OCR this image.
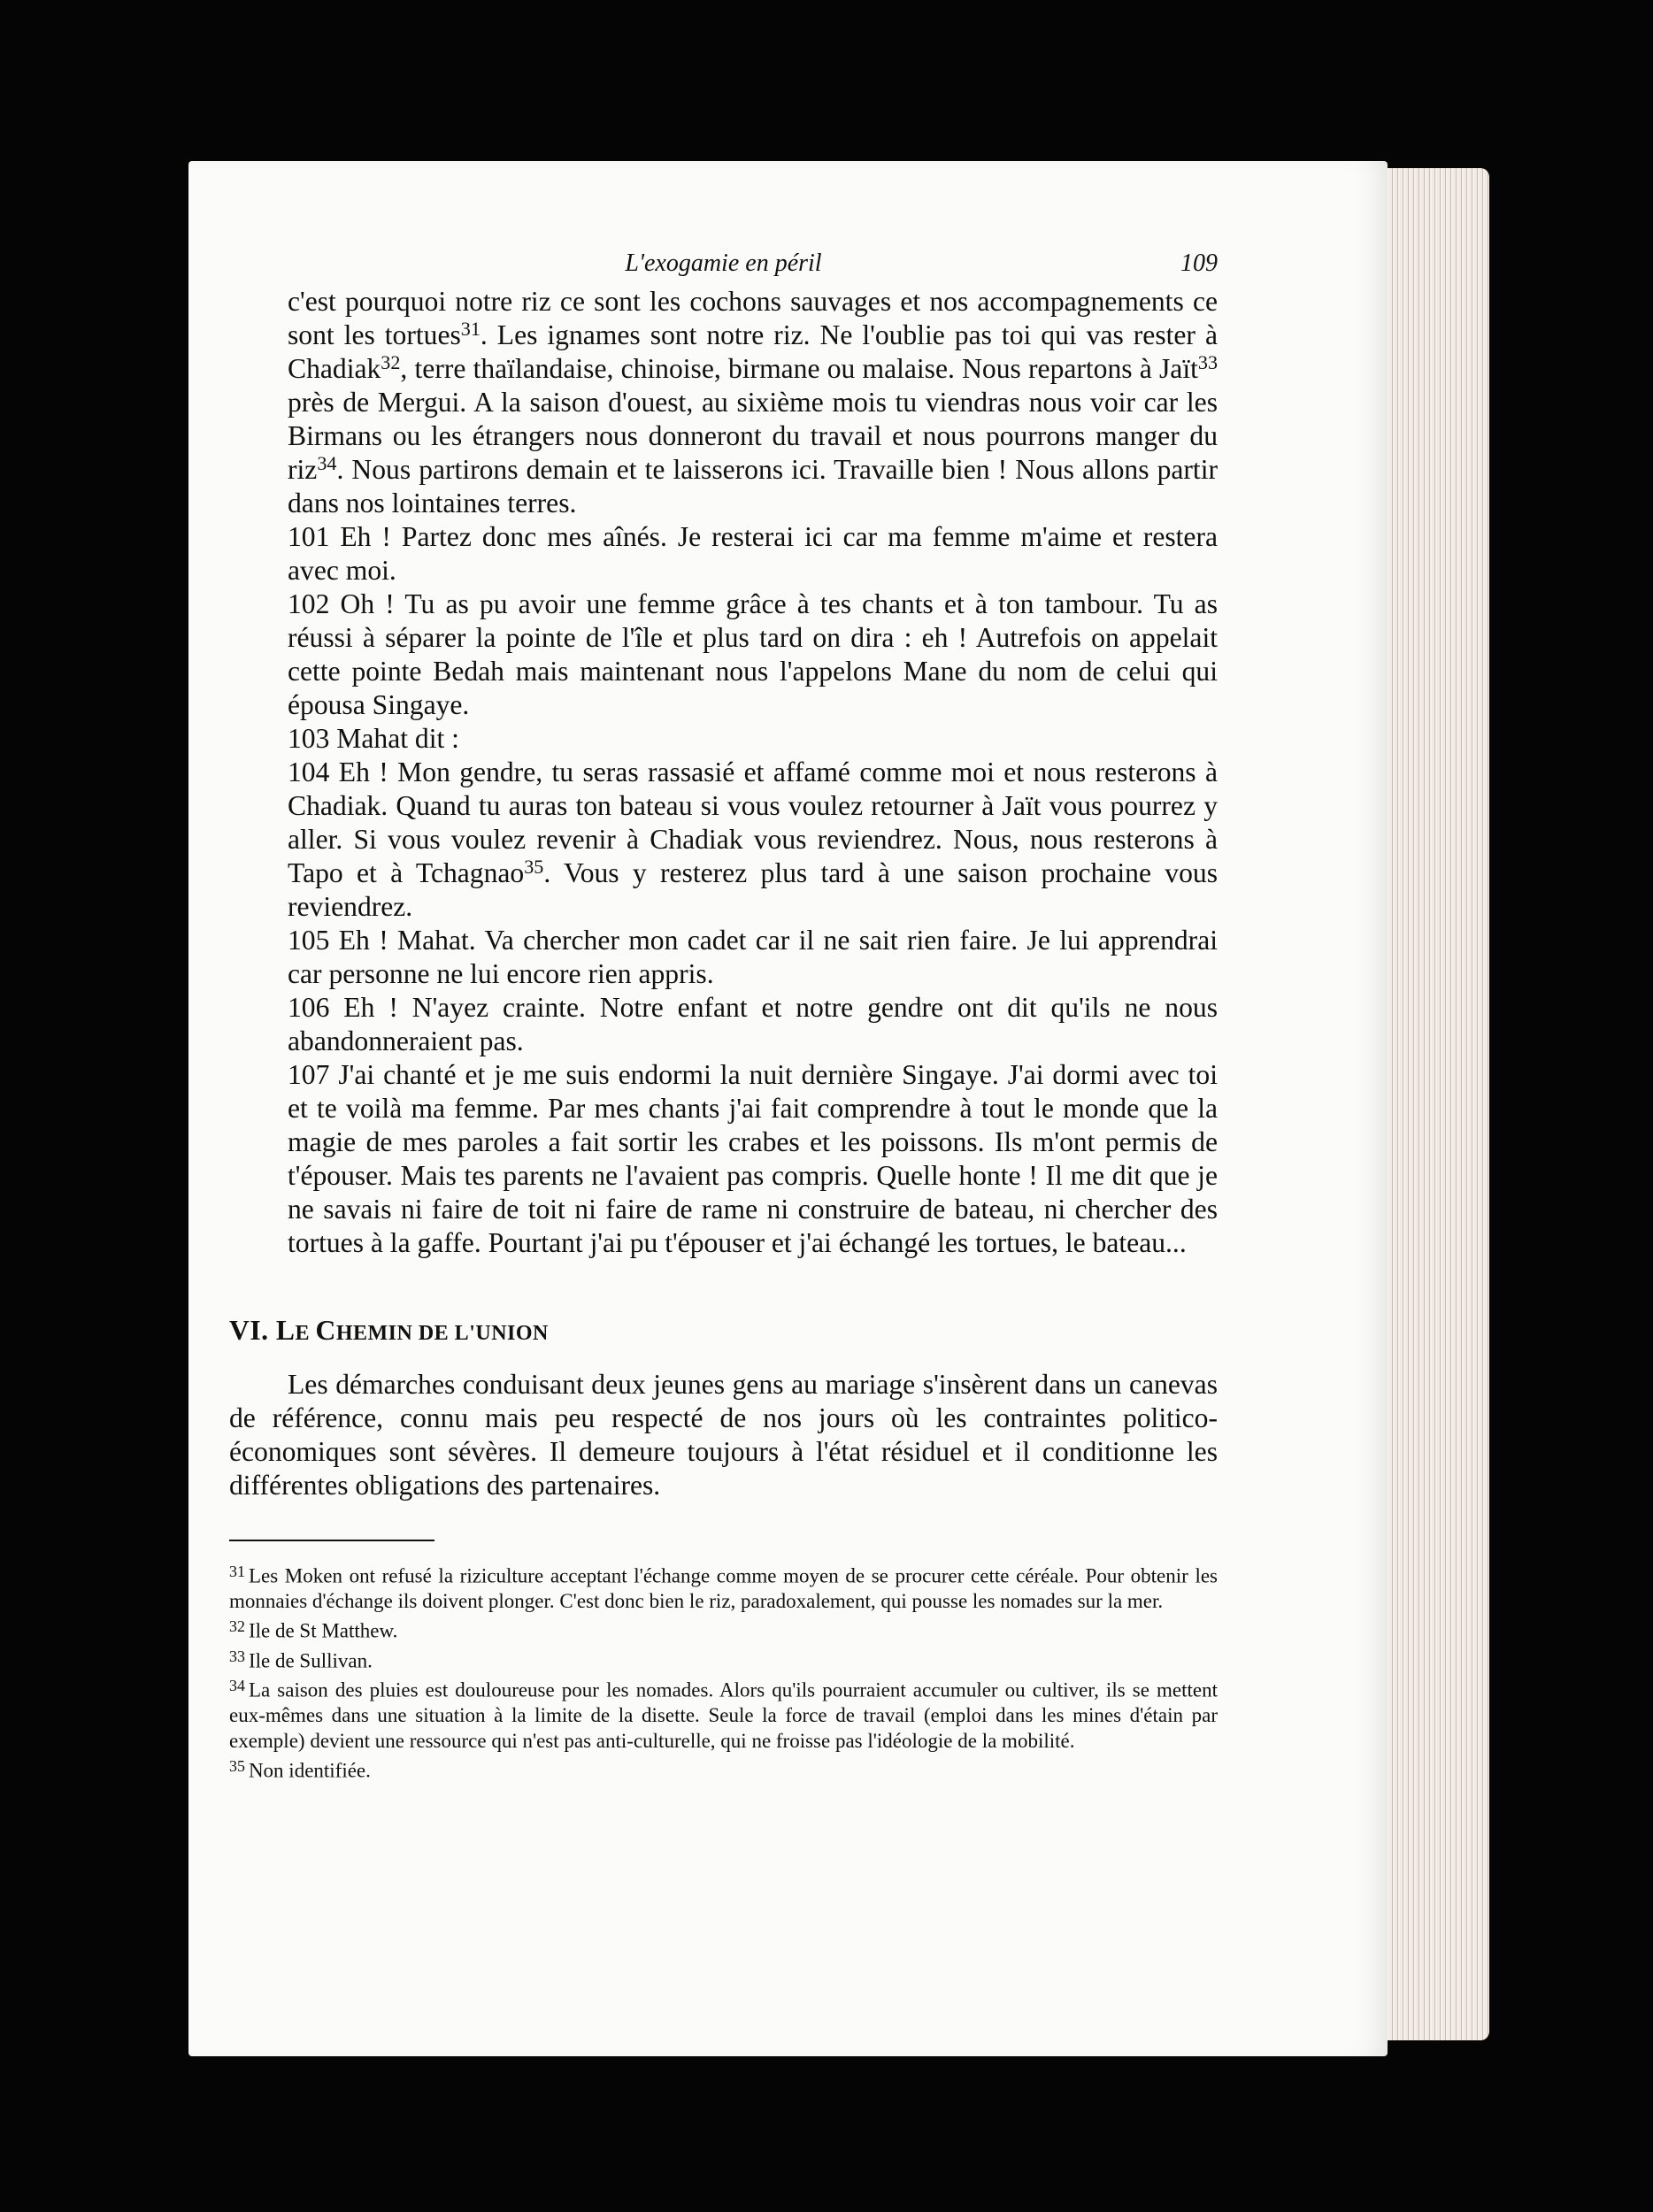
L'exogamie en péril	109

c'est pourquoi notre riz ce sont les cochons sauvages et nos accompagnements ce sont les tortues$^{31}$. Les ignames sont notre riz. Ne l'oublie pas toi qui vas rester à Chadiak$^{32}$, terre thaïlandaise, chinoise, birmane ou malaise. Nous repartons à Jaït$^{33}$ près de Mergui. A la saison d'ouest, au sixième mois tu viendras nous voir car les Birmans ou les étrangers nous donneront du travail et nous pourrons manger du riz$^{34}$. Nous partirons demain et te laisserons ici. Travaille bien ! Nous allons partir dans nos lointaines terres.

101 Eh ! Partez donc mes aînés. Je resterai ici car ma femme m'aime et restera avec moi.

102 Oh ! Tu as pu avoir une femme grâce à tes chants et à ton tambour. Tu as réussi à séparer la pointe de l'île et plus tard on dira : eh ! Autrefois on appelait cette pointe Bedah mais maintenant nous l'appelons Mane du nom de celui qui épousa Singaye.

103 Mahat dit :

104 Eh ! Mon gendre, tu seras rassasié et affamé comme moi et nous resterons à Chadiak. Quand tu auras ton bateau si vous voulez retourner à Jaït vous pourrez y aller. Si vous voulez revenir à Chadiak vous reviendrez. Nous, nous resterons à Tapo et à Tchagnao$^{35}$. Vous y resterez plus tard à une saison prochaine vous reviendrez.

105 Eh ! Mahat. Va chercher mon cadet car il ne sait rien faire. Je lui apprendrai car personne ne lui encore rien appris.

106 Eh ! N'ayez crainte. Notre enfant et notre gendre ont dit qu'ils ne nous abandonneraient pas.

107 J'ai chanté et je me suis endormi la nuit dernière Singaye. J'ai dormi avec toi et te voilà ma femme. Par mes chants j'ai fait comprendre à tout le monde que la magie de mes paroles a fait sortir les crabes et les poissons. Ils m'ont permis de t'épouser. Mais tes parents ne l'avaient pas compris. Quelle honte ! Il me dit que je ne savais ni faire de toit ni faire de rame ni construire de bateau, ni chercher des tortues à la gaffe. Pourtant j'ai pu t'épouser et j'ai échangé les tortues, le bateau...

VI. LE CHEMIN DE L'UNION

Les démarches conduisant deux jeunes gens au mariage s'insèrent dans un canevas de référence, connu mais peu respecté de nos jours où les contraintes politico-économiques sont sévères. Il demeure toujours à l'état résiduel et il conditionne les différentes obligations des partenaires.

$^{31}$ Les Moken ont refusé la riziculture acceptant l'échange comme moyen de se procurer cette céréale. Pour obtenir les monnaies d'échange ils doivent plonger. C'est donc bien le riz, paradoxalement, qui pousse les nomades sur la mer.

$^{32}$ Ile de St Matthew.

$^{33}$ Ile de Sullivan.

$^{34}$ La saison des pluies est douloureuse pour les nomades. Alors qu'ils pourraient accumuler ou cultiver, ils se mettent eux-mêmes dans une situation à la limite de la disette. Seule la force de travail (emploi dans les mines d'étain par exemple) devient une ressource qui n'est pas anti-culturelle, qui ne froisse pas l'idéologie de la mobilité.

$^{35}$ Non identifiée.
